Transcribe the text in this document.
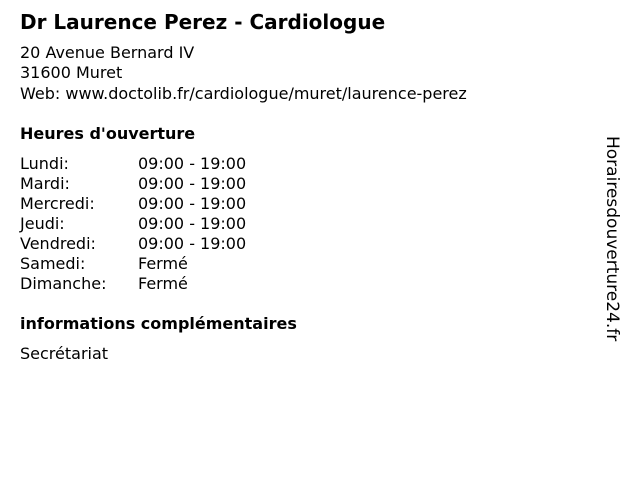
Dr Laurence Perez - Cardiologue

20 Avenue Bernard IV

31600 Muret

Web: www.doctolib.fr/cardiologue/muret/laurence-perez

Heures d'ouverture
Lundi:	09:00 - 19:00
Mardi:	09:00 - 19:00
Mercredi:	09:00 - 19:00
Jeudi:	09:00 - 19:00
Vendredi:	09:00 - 19:00
Samedi:	Fermé
Dimanche: Fermé
informations complémentaires

Secrétariat

Horairesdouverture24.fr
